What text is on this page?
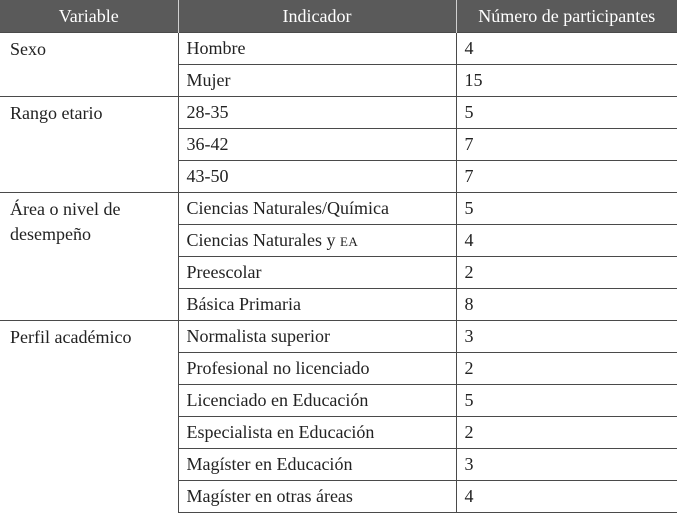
Variable	Indicador	Número de participantes
Sexo	Hombre	4
	Mujer	15
Rango etario	28-35	5
	36-42	7
	43-50	7
Área o nivel de desempeño	Ciencias Naturales/Química	5
	Ciencias Naturales y EA	4
	Preescolar	2
	Básica Primaria	8
Perfil académico	Normalista superior	3
	Profesional no licenciado	2
	Licenciado en Educación	5
	Especialista en Educación	2
	Magíster en Educación	3
	Magíster en otras áreas	4
